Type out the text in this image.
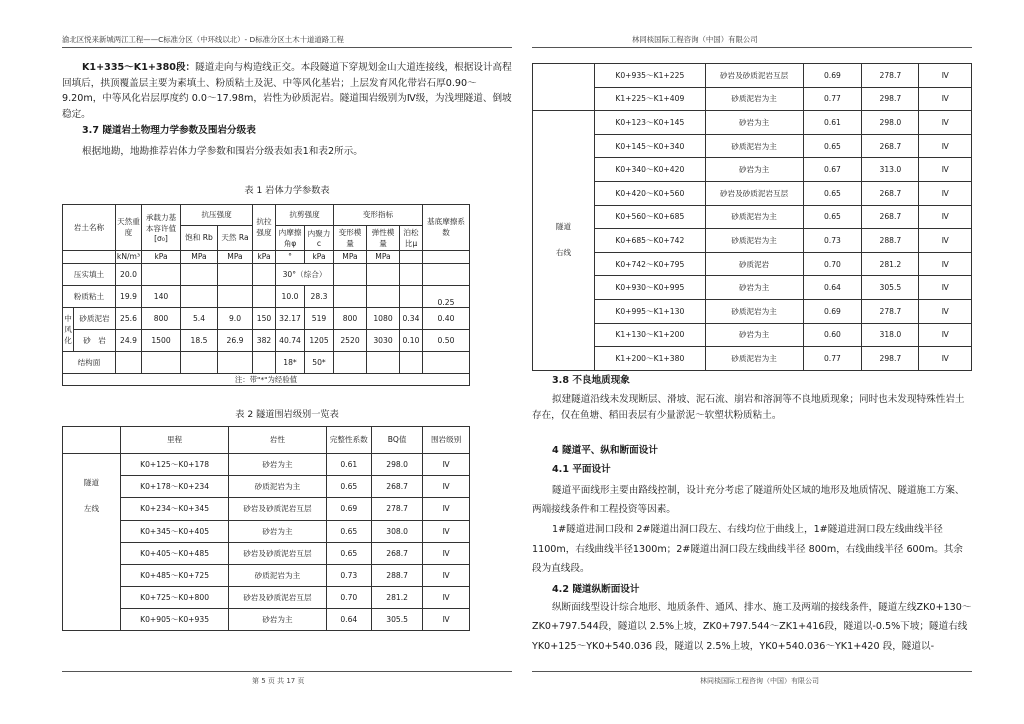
渝北区悦来新城两江工程——C标准分区（中环线以北）- D标准分区土木十道道路工程	林同棪国际工程咨询（中国）有限公司

K1+335～K1+380段：隧道走向与构造线正交。本段隧道下穿规划金山大道连接线，根据设计高程回填后，拱顶覆盖层主要为素填土、粉质粘土及泥、中等风化基岩；上层发育风化带岩石厚0.90～9.20m，中等风化岩层厚度约 0.0～17.98m，岩性为砂质泥岩。隧道围岩级别为Ⅳ级，为浅埋隧道、倒坡稳定。

3.7 隧道岩土物理力学参数及围岩分级表

根据地勘，地勘推荐岩体力学参数和围岩分级表如表1和表2所示。

表 1 岩体力学参数表

岩土名称		天然重度	承载力基本容许值[σ₀]	抗压强度		抗拉强度	抗剪强度		变形指标			基底摩擦系数
				饱和 Rb	天然 Ra		内摩擦角φ	内聚力c	变形模量	弹性模量	泊松比μ	
		kN/m³	kPa	MPa	MPa	kPa	°	kPa	MPa	MPa		
压实填土		20.0					30°（综合）					
粉质粘土		19.9	140				10.0	28.3				0.25
中风化	砂质泥岩	25.6	800	5.4	9.0	150	32.17	519	800	1080	0.34	0.40
	砂　岩	24.9	1500	18.5	26.9	382	40.74	1205	2520	3030	0.10	0.50
结构面							18*	50*				
注：带"*"为经验值												

表 2 隧道围岩级别一览表

	里程	岩性	完整性系数	BQ值	围岩级别

隧道
左线	K0+125～K0+178	砂岩为主	0.61	298.0	Ⅳ
	K0+178～K0+234	砂质泥岩为主	0.65	268.7	Ⅳ
	K0+234～K0+345	砂岩及砂质泥岩互层	0.69	278.7	Ⅳ
	K0+345～K0+405	砂岩为主	0.65	308.0	Ⅳ
	K0+405～K0+485	砂岩及砂质泥岩互层	0.65	268.7	Ⅳ
	K0+485～K0+725	砂质泥岩为主	0.73	288.7	Ⅳ
	K0+725～K0+800	砂岩及砂质泥岩互层	0.70	281.2	Ⅳ
	K0+905～K0+935	砂岩为主	0.64	305.5	Ⅳ
	K0+935～K1+225	砂岩及砂质泥岩互层	0.69	278.7	Ⅳ
	K1+225～K1+409	砂质泥岩为主	0.77	298.7	Ⅳ

隧道
右线	K0+123～K0+145	砂岩为主	0.61	298.0	Ⅳ
	K0+145～K0+340	砂质泥岩为主	0.65	268.7	Ⅳ
	K0+340～K0+420	砂岩为主	0.67	313.0	Ⅳ
	K0+420～K0+560	砂岩及砂质泥岩互层	0.65	268.7	Ⅳ
	K0+560～K0+685	砂质泥岩为主	0.65	268.7	Ⅳ
	K0+685～K0+742	砂质泥岩为主	0.73	288.7	Ⅳ
	K0+742～K0+795	砂质泥岩	0.70	281.2	Ⅳ
	K0+930～K0+995	砂岩为主	0.64	305.5	Ⅳ
	K0+995～K1+130	砂质泥岩为主	0.69	278.7	Ⅳ
	K1+130～K1+200	砂岩为主	0.60	318.0	Ⅳ
	K1+200～K1+380	砂质泥岩为主	0.77	298.7	Ⅳ

3.8 不良地质现象

拟建隧道沿线未发现断层、滑坡、泥石流、崩岩和溶洞等不良地质现象；同时也未发现特殊性岩土存在，仅在鱼塘、稻田表层有少量淤泥～软塑状粉质粘土。

4 隧道平、纵和断面设计

4.1 平面设计

隧道平面线形主要由路线控制，设计充分考虑了隧道所处区域的地形及地质情况、隧道施工方案、两端接线条件和工程投资等因素。

1#隧道进洞口段和 2#隧道出洞口段左、右线均位于曲线上，1#隧道进洞口段左线曲线半径1100m，右线曲线半径1300m；2#隧道出洞口段左线曲线半径 800m，右线曲线半径 600m。其余段为直线段。

4.2 隧道纵断面设计

纵断面线型设计综合地形、地质条件、通风、排水、施工及两端的接线条件，隧道左线ZK0+130～ZK0+797.544段，隧道以 2.5%上坡，ZK0+797.544～ZK1+416段，隧道以-0.5%下坡；隧道右线 YK0+125～YK0+540.036 段，隧道以 2.5%上坡，YK0+540.036～YK1+420 段，隧道以-

第 5 页 共 17 页	林同棪国际工程咨询（中国）有限公司
